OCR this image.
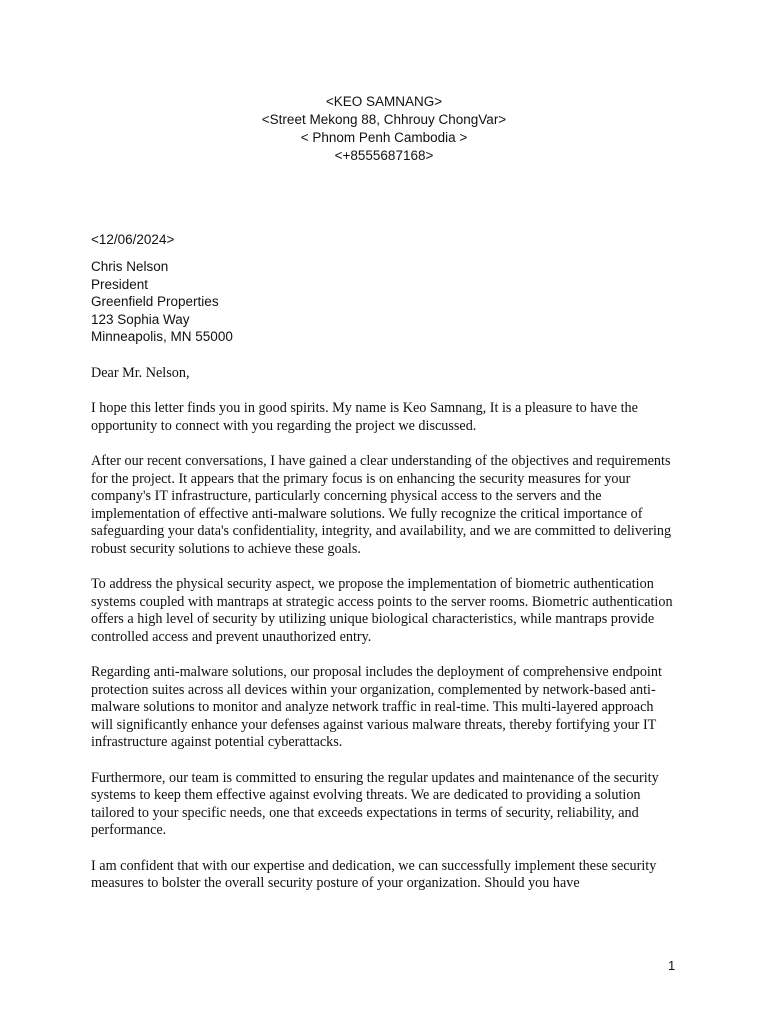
<KEO SAMNANG>
<Street Mekong 88, Chhrouy ChongVar>
< Phnom Penh Cambodia >
<+8555687168>
<12/06/2024>
Chris Nelson
President
Greenfield Properties
123 Sophia Way
Minneapolis, MN 55000

Dear Mr. Nelson,

I hope this letter finds you in good spirits. My name is Keo Samnang, It is a pleasure to have the opportunity to connect with you regarding the project we discussed.

After our recent conversations, I have gained a clear understanding of the objectives and requirements for the project. It appears that the primary focus is on enhancing the security measures for your company's IT infrastructure, particularly concerning physical access to the servers and the implementation of effective anti-malware solutions. We fully recognize the critical importance of safeguarding your data's confidentiality, integrity, and availability, and we are committed to delivering robust security solutions to achieve these goals.

To address the physical security aspect, we propose the implementation of biometric authentication systems coupled with mantraps at strategic access points to the server rooms. Biometric authentication offers a high level of security by utilizing unique biological characteristics, while mantraps provide controlled access and prevent unauthorized entry.

Regarding anti-malware solutions, our proposal includes the deployment of comprehensive endpoint protection suites across all devices within your organization, complemented by network-based anti-malware solutions to monitor and analyze network traffic in real-time. This multi-layered approach will significantly enhance your defenses against various malware threats, thereby fortifying your IT infrastructure against potential cyberattacks.

Furthermore, our team is committed to ensuring the regular updates and maintenance of the security systems to keep them effective against evolving threats. We are dedicated to providing a solution tailored to your specific needs, one that exceeds expectations in terms of security, reliability, and performance.

I am confident that with our expertise and dedication, we can successfully implement these security measures to bolster the overall security posture of your organization. Should you have

1
